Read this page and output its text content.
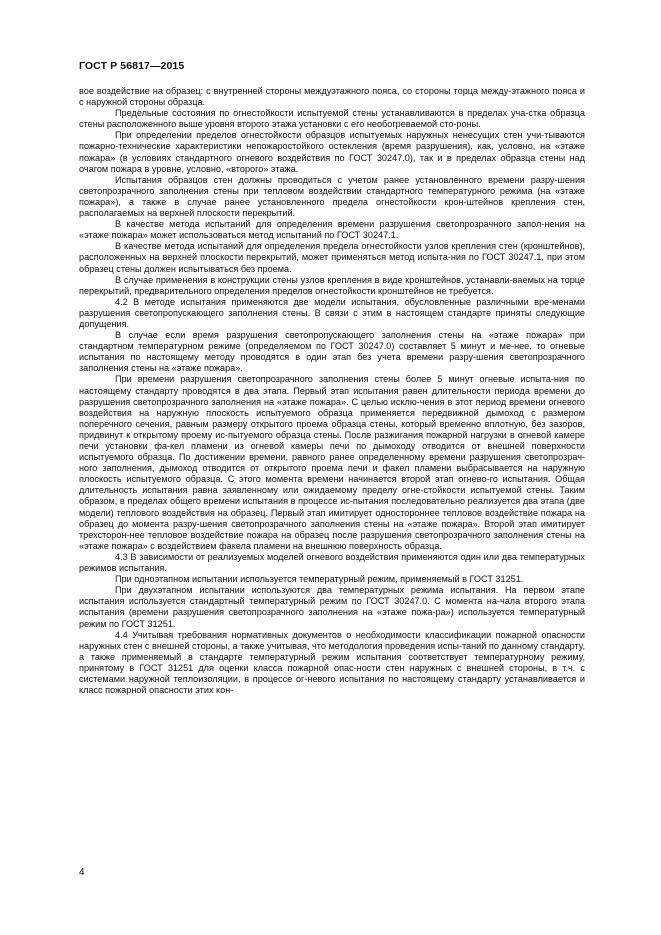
ГОСТ Р 56817—2015

вое воздействие на образец: с внутренней стороны междуэтажного пояса, со стороны торца между-этажного пояса и с наружной стороны образца.

Предельные состояния по огнестойкости испытуемой стены устанавливаются в пределах уча-стка образца стены расположенного выше уровня второго этажа установки с его необогреваемой сто-роны.

При определении пределов огнестойкости образцов испытуемых наружных ненесущих стен учи-тываются пожарно-технические характеристики непожаростойкого остекления (время разрушения), как, условно, на «этаже пожара» (в условиях стандартного огневого воздействия по ГОСТ 30247.0), так и в пределах образца стены над очагом пожара в уровне, условно, «второго» этажа.

Испытания образцов стен должны проводиться с учетом ранее установленного времени разру-шения светопрозрачного заполнения стены при тепловом воздействии стандартного температурного режима (на «этаже пожара»), а также в случае ранее установленного предела огнестойкости крон-штейнов крепления стен, располагаемых на верхней плоскости перекрытий.

В качестве метода испытаний для определения времени разрушения светопрозрачного запол-нения на «этаже пожара» может использоваться метод испытаний по ГОСТ 30247.1.

В качестве метода испытаний для определения предела огнестойкости узлов крепления стен (кронштейнов), расположенных на верхней плоскости перекрытий, может применяться метод испыта-ния по ГОСТ 30247.1, при этом образец стены должен испытываться без проема.

В случае применения в конструкции стены узлов крепления в виде кронштейнов, устанавли-ваемых на торце перекрытий, предварительного определения пределов огнестойкости кронштейнов не требуется.

4.2 В методе испытания применяются две модели испытания, обусловленные различными вре-менами разрушения светопропускающего заполнения стены. В связи с этим в настоящем стандарте приняты следующие допущения.

В случае если время разрушения светопропускающего заполнения стены на «этаже пожара» при стандартном температурном режиме (определяемом по ГОСТ 30247.0) составляет 5 минут и ме-нее, то огневые испытания по настоящему методу проводятся в один этап без учета времени разру-шения светопрозрачного заполнения стены на «этаже пожара».

При времени разрушения светопрозрачного заполнения стены более 5 минут огневые испыта-ния по настоящему стандарту проводятся в два этапа. Первый этап испытания равен длительности периода времени до разрушения светопрозрачного заполнения на «этаже пожара». С целью исклю-чения в этот период времени огневого воздействия на наружную плоскость испытуемого образца применяется передвижной дымоход с размером поперечного сечения, равным размеру открытого проема образца стены, который временно вплотную, без зазоров, придвинут к открытому проему ис-пытуемого образца стены. После разжигания пожарной нагрузки в огневой камере печи установки фа-кел пламени из огневой камеры печи по дымоходу отводится от внешней поверхности испытуемого образца. По достижении времени, равного ранее определенному времени разрушения светопрозрач-ного заполнения, дымоход отводится от открытого проема печи и факел пламени выбрасывается на наружную плоскость испытуемого образца. С этого момента времени начинается второй этап огнево-го испытания. Общая длительность испытания равна заявленному или ожидаемому пределу огне-стойкости испытуемой стены. Таким образом, в пределах общего времени испытания в процессе ис-пытания последовательно реализуется два этапа (две модели) теплового воздействия на образец. Первый этап имитирует одностороннее тепловое воздействие пожара на образец до момента разру-шения светопрозрачного заполнения стены на «этаже пожара». Второй этап имитирует трехсторон-нее тепловое воздействие пожара на образец после разрушения светопрозрачного заполнения стены на «этаже пожара» с воздействием факела пламени на внешнюю поверхность образца.

4.3 В зависимости от реализуемых моделей огневого воздействия применяются один или два температурных режимов испытания.

При одноэтапном испытании используется температурный режим, применяемый в ГОСТ 31251.

При двухэтапном испытании используются два температурных режима испытания. На первом этапе испытания используется стандартный температурный режим по ГОСТ 30247.0. С момента на-чала второго этапа испытания (времени разрушения светопрозрачного заполнения на «этаже пожа-ра») используется температурный режим по ГОСТ 31251.

4.4 Учитывая требования нормативных документов о необходимости классификации пожарной опасности наружных стен с внешней стороны, а также учитывая, что методология проведения испы-таний по данному стандарту, а также применяемый в стандарте температурный режим испытания соответствует температурному режиму, принятому в ГОСТ 31251 для оценки класса пожарной опас-ности стен наружных с внешней стороны, в т.ч. с системами наружной теплоизоляции, в процессе ог-невого испытания по настоящему стандарту устанавливается и класс пожарной опасности этих кон-

4
